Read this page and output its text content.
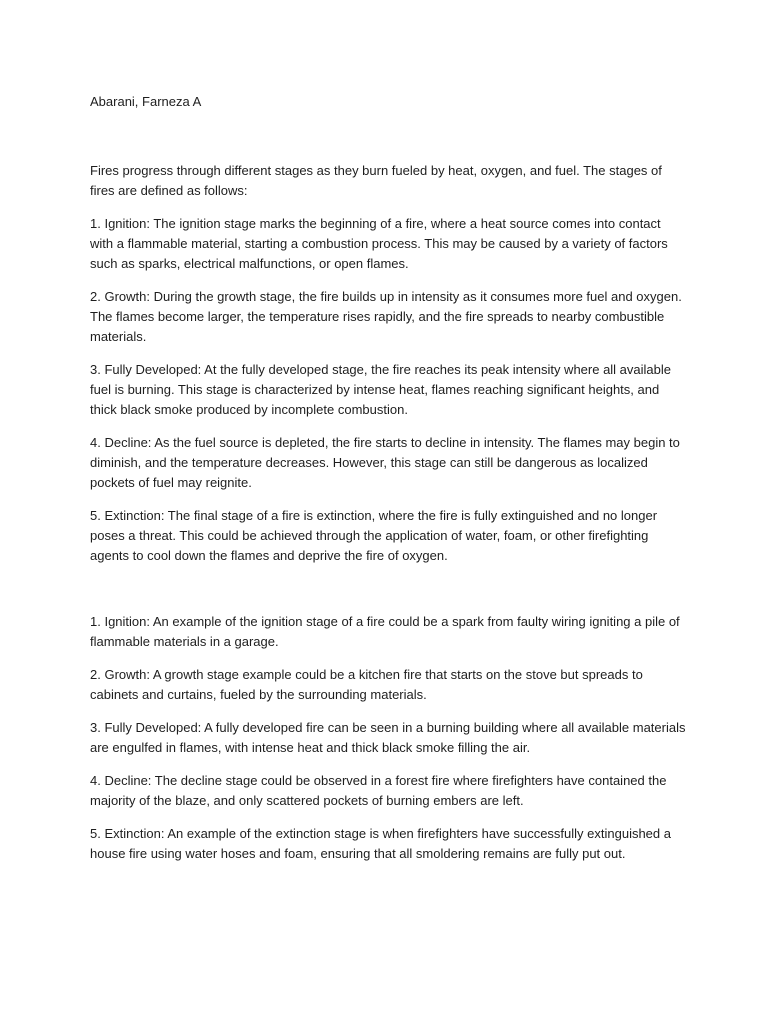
Abarani, Farneza A

Fires progress through different stages as they burn fueled by heat, oxygen, and fuel. The stages of fires are defined as follows:

1. Ignition: The ignition stage marks the beginning of a fire, where a heat source comes into contact with a flammable material, starting a combustion process. This may be caused by a variety of factors such as sparks, electrical malfunctions, or open flames.

2. Growth: During the growth stage, the fire builds up in intensity as it consumes more fuel and oxygen. The flames become larger, the temperature rises rapidly, and the fire spreads to nearby combustible materials.

3. Fully Developed: At the fully developed stage, the fire reaches its peak intensity where all available fuel is burning. This stage is characterized by intense heat, flames reaching significant heights, and thick black smoke produced by incomplete combustion.

4. Decline: As the fuel source is depleted, the fire starts to decline in intensity. The flames may begin to diminish, and the temperature decreases. However, this stage can still be dangerous as localized pockets of fuel may reignite.

5. Extinction: The final stage of a fire is extinction, where the fire is fully extinguished and no longer poses a threat. This could be achieved through the application of water, foam, or other firefighting agents to cool down the flames and deprive the fire of oxygen.

1. Ignition: An example of the ignition stage of a fire could be a spark from faulty wiring igniting a pile of flammable materials in a garage.

2. Growth: A growth stage example could be a kitchen fire that starts on the stove but spreads to cabinets and curtains, fueled by the surrounding materials.

3. Fully Developed: A fully developed fire can be seen in a burning building where all available materials are engulfed in flames, with intense heat and thick black smoke filling the air.

4. Decline: The decline stage could be observed in a forest fire where firefighters have contained the majority of the blaze, and only scattered pockets of burning embers are left.

5. Extinction: An example of the extinction stage is when firefighters have successfully extinguished a house fire using water hoses and foam, ensuring that all smoldering remains are fully put out.
